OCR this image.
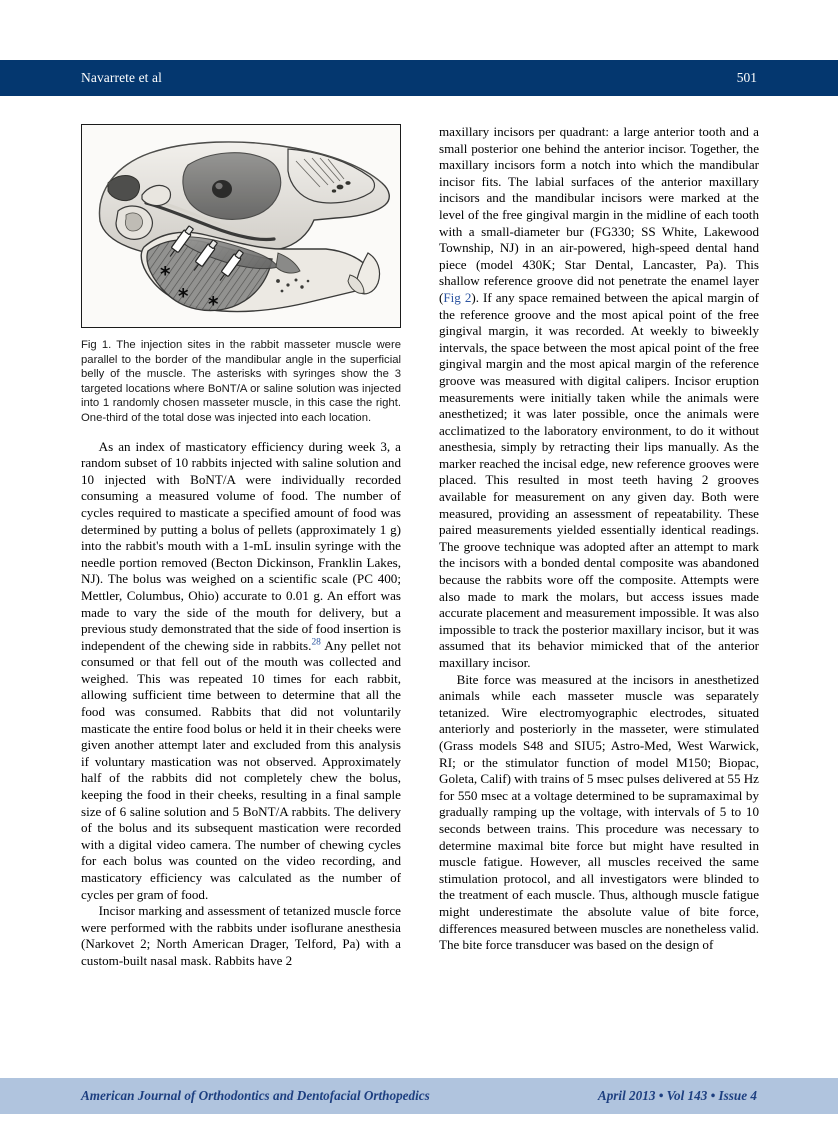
Navarrete et al	501
*
* *

Fig 1. The injection sites in the rabbit masseter muscle were parallel to the border of the mandibular angle in the superficial belly of the muscle. The asterisks with syringes show the 3 targeted locations where BoNT/A or saline solution was injected into 1 randomly chosen masseter muscle, in this case the right. One-third of the total dose was injected into each location.

As an index of masticatory efficiency during week 3, a random subset of 10 rabbits injected with saline solution and 10 injected with BoNT/A were individually recorded consuming a measured volume of food. The number of cycles required to masticate a specified amount of food was determined by putting a bolus of pellets (approximately 1 g) into the rabbit's mouth with a 1-mL insulin syringe with the needle portion removed (Becton Dickinson, Franklin Lakes, NJ). The bolus was weighed on a scientific scale (PC 400; Mettler, Columbus, Ohio) accurate to 0.01 g. An effort was made to vary the side of the mouth for delivery, but a previous study demonstrated that the side of food insertion is independent of the chewing side in rabbits.$^{28}$ Any pellet not consumed or that fell out of the mouth was collected and weighed. This was repeated 10 times for each rabbit, allowing sufficient time between to determine that all the food was consumed. Rabbits that did not voluntarily masticate the entire food bolus or held it in their cheeks were given another attempt later and excluded from this analysis if voluntary mastication was not observed. Approximately half of the rabbits did not completely chew the bolus, keeping the food in their cheeks, resulting in a final sample size of 6 saline solution and 5 BoNT/A rabbits. The delivery of the bolus and its subsequent mastication were recorded with a digital video camera. The number of chewing cycles for each bolus was counted on the video recording, and masticatory efficiency was calculated as the number of cycles per gram of food.

Incisor marking and assessment of tetanized muscle force were performed with the rabbits under isoflurane anesthesia (Narkovet 2; North American Drager, Telford, Pa) with a custom-built nasal mask. Rabbits have 2

maxillary incisors per quadrant: a large anterior tooth and a small posterior one behind the anterior incisor. Together, the maxillary incisors form a notch into which the mandibular incisor fits. The labial surfaces of the anterior maxillary incisors and the mandibular incisors were marked at the level of the free gingival margin in the midline of each tooth with a small-diameter bur (FG330; SS White, Lakewood Township, NJ) in an air-powered, high-speed dental hand piece (model 430K; Star Dental, Lancaster, Pa). This shallow reference groove did not penetrate the enamel layer (Fig 2). If any space remained between the apical margin of the reference groove and the most apical point of the free gingival margin, it was recorded. At weekly to biweekly intervals, the space between the most apical point of the free gingival margin and the most apical margin of the reference groove was measured with digital calipers. Incisor eruption measurements were initially taken while the animals were anesthetized; it was later possible, once the animals were acclimatized to the laboratory environment, to do it without anesthesia, simply by retracting their lips manually. As the marker reached the incisal edge, new reference grooves were placed. This resulted in most teeth having 2 grooves available for measurement on any given day. Both were measured, providing an assessment of repeatability. These paired measurements yielded essentially identical readings. The groove technique was adopted after an attempt to mark the incisors with a bonded dental composite was abandoned because the rabbits wore off the composite. Attempts were also made to mark the molars, but access issues made accurate placement and measurement impossible. It was also impossible to track the posterior maxillary incisor, but it was assumed that its behavior mimicked that of the anterior maxillary incisor.

Bite force was measured at the incisors in anesthetized animals while each masseter muscle was separately tetanized. Wire electromyographic electrodes, situated anteriorly and posteriorly in the masseter, were stimulated (Grass models S48 and SIU5; Astro-Med, West Warwick, RI; or the stimulator function of model M150; Biopac, Goleta, Calif) with trains of 5 msec pulses delivered at 55 Hz for 550 msec at a voltage determined to be supramaximal by gradually ramping up the voltage, with intervals of 5 to 10 seconds between trains. This procedure was necessary to determine maximal bite force but might have resulted in muscle fatigue. However, all muscles received the same stimulation protocol, and all investigators were blinded to the treatment of each muscle. Thus, although muscle fatigue might underestimate the absolute value of bite force, differences measured between muscles are nonetheless valid. The bite force transducer was based on the design of

American Journal of Orthodontics and Dentofacial Orthopedics	April 2013 • Vol 143 • Issue 4
